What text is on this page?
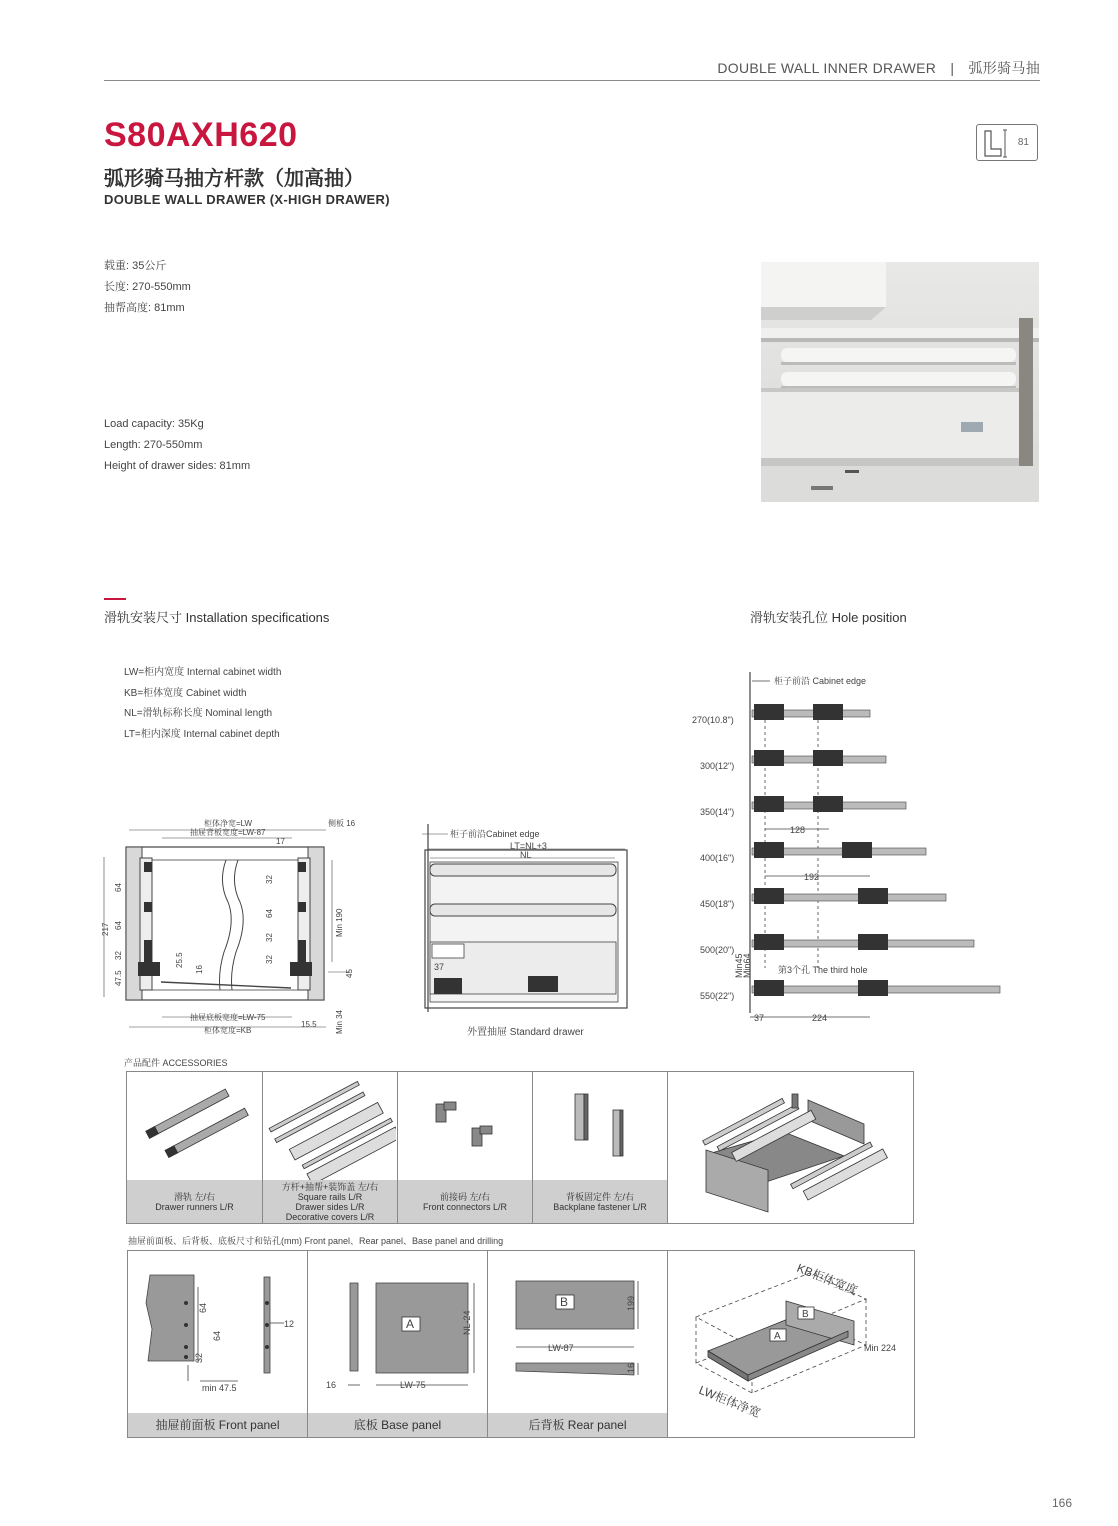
DOUBLE WALL INNER DRAWER | 弧形骑马抽
S80AXH620
弧形骑马抽方杆款（加高抽）
DOUBLE WALL DRAWER (X-HIGH DRAWER)
81
载重: 35公斤
长度: 270-550mm
抽帮高度: 81mm
Load capacity: 35Kg
Length: 270-550mm
Height of drawer sides: 81mm
滑轨安装尺寸 Installation specifications	滑轨安装孔位 Hole position
LW=柜内宽度 Internal cabinet width
KB=柜体宽度 Cabinet width
NL=滑轨标称长度 Nominal length
LT=柜内深度 Internal cabinet depth
柜体净宽=LW
抽屉背板宽度=LW-87
侧板 16
17
抽屉底板宽度=LW-75
柜体宽度=KB
15.5
45
Min 190
Min 34
217
64
64
32
47.5
32
64
32
32
25.5
16
柜子前沿Cabinet edge
LT=NL+3
NL
37
外置抽屉 Standard drawer
柜子前沿 Cabinet edge
270(10.8")
300(12")
350(14")
400(16")
450(18")
500(20")
550(22")
128
192
第3个孔 The third hole
Min45
Min64
37	224
产品配件 ACCESSORIES
滑轨 左/右
Drawer runners L/R
方杆+抽帮+装饰盖 左/右
Square rails L/R
Drawer sides L/R
Decorative covers L/R
前接码 左/右
Front connectors L/R
背板固定件 左/右
Backplane fastener L/R
抽屉前面板、后背板、底板尺寸和钻孔(mm) Front panel、Rear panel、Base panel and drilling
64
64
32
12
min 47.5
抽屉前面板 Front panel
A	NL-24
16	LW-75
底板 Base panel
B	199
LW-87
16
后背板 Rear panel
A
B
KB柜体宽度
LW柜体净宽
Min 224
166
